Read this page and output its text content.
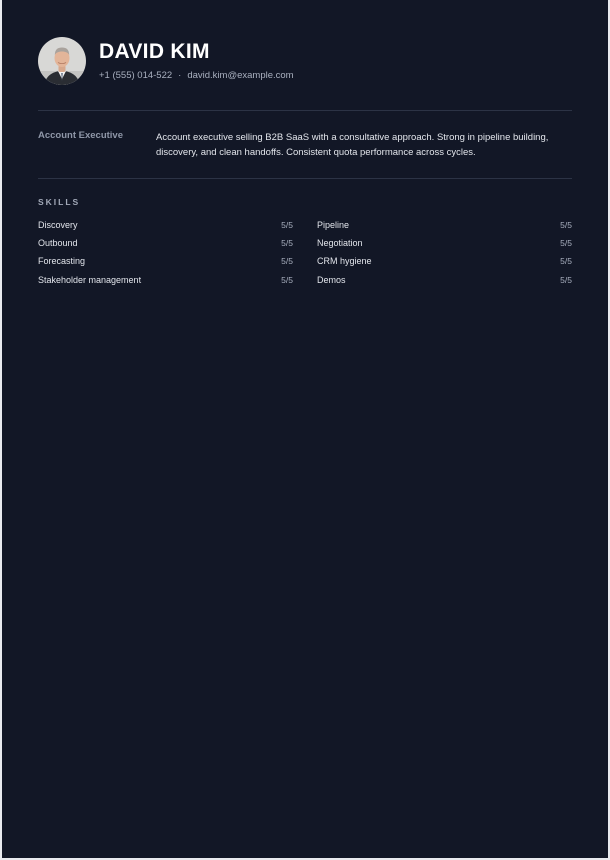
DAVID KIM
+1 (555) 014-522 · david.kim@example.com
Account Executive	Account executive selling B2B SaaS with a consultative approach. Strong in pipeline building, discovery, and clean handoffs. Consistent quota performance across cycles.
SKILLS
Discovery	5/5	Pipeline	5/5
Outbound	5/5	Negotiation	5/5
Forecasting	5/5	CRM hygiene	5/5
Stakeholder management	5/5	Demos	5/5
